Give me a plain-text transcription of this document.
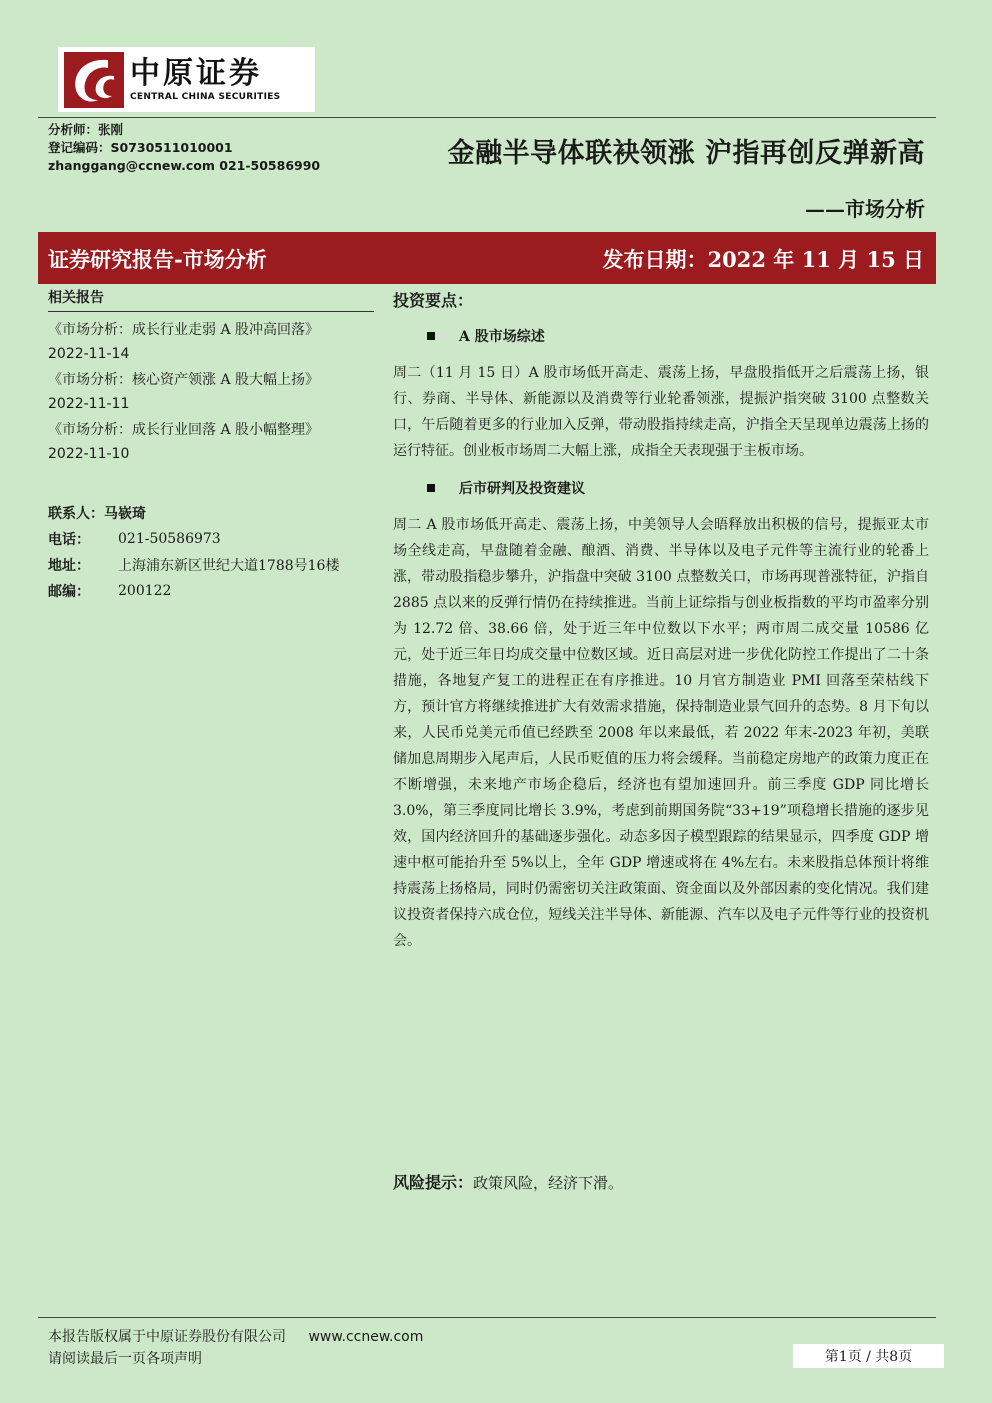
中原证券
CENTRAL CHINA SECURITIES
分析师：张刚
登记编码：S0730511010001
zhanggang@ccnew.com 021-50586990	金融半导体联袂领涨 沪指再创反弹新高
——市场分析
证券研究报告-市场分析	发布日期：2022 年 11 月 15 日
相关报告
《市场分析：成长行业走弱 A 股冲高回落》
2022-11-14
《市场分析：核心资产领涨 A 股大幅上扬》
2022-11-11
《市场分析：成长行业回落 A 股小幅整理》
2022-11-10
联系人： 马嵚琦
电话：	021-50586973
地址：	上海浦东新区世纪大道1788号16楼
邮编：	200122
投资要点：
A 股市场综述
周二（11 月 15 日）A 股市场低开高走、震荡上扬，早盘股指低开之后震荡上扬，银行、券商、半导体、新能源以及消费等行业轮番领涨，提振沪指突破 3100 点整数关口，午后随着更多的行业加入反弹，带动股指持续走高，沪指全天呈现单边震荡上扬的运行特征。创业板市场周二大幅上涨，成指全天表现强于主板市场。
后市研判及投资建议
周二 A 股市场低开高走、震荡上扬，中美领导人会晤释放出积极的信号，提振亚太市场全线走高，早盘随着金融、酿酒、消费、半导体以及电子元件等主流行业的轮番上涨，带动股指稳步攀升，沪指盘中突破 3100 点整数关口，市场再现普涨特征，沪指自 2885 点以来的反弹行情仍在持续推进。当前上证综指与创业板指数的平均市盈率分别为 12.72 倍、38.66 倍，处于近三年中位数以下水平；两市周二成交量 10586 亿元，处于近三年日均成交量中位数区域。近日高层对进一步优化防控工作提出了二十条措施，各地复产复工的进程正在有序推进。10 月官方制造业 PMI 回落至荣枯线下方，预计官方将继续推进扩大有效需求措施，保持制造业景气回升的态势。8 月下旬以来，人民币兑美元币值已经跌至 2008 年以来最低，若 2022 年末-2023 年初，美联储加息周期步入尾声后，人民币贬值的压力将会缓释。当前稳定房地产的政策力度正在不断增强，未来地产市场企稳后，经济也有望加速回升。前三季度 GDP 同比增长 3.0%，第三季度同比增长 3.9%，考虑到前期国务院“33+19”项稳增长措施的逐步见效，国内经济回升的基础逐步强化。动态多因子模型跟踪的结果显示，四季度 GDP 增速中枢可能抬升至 5%以上，全年 GDP 增速或将在 4%左右。未来股指总体预计将维持震荡上扬格局，同时仍需密切关注政策面、资金面以及外部因素的变化情况。我们建议投资者保持六成仓位，短线关注半导体、新能源、汽车以及电子元件等行业的投资机会。
风险提示：政策风险，经济下滑。
本报告版权属于中原证券股份有限公司 www.ccnew.com
请阅读最后一页各项声明	第1页 / 共8页
